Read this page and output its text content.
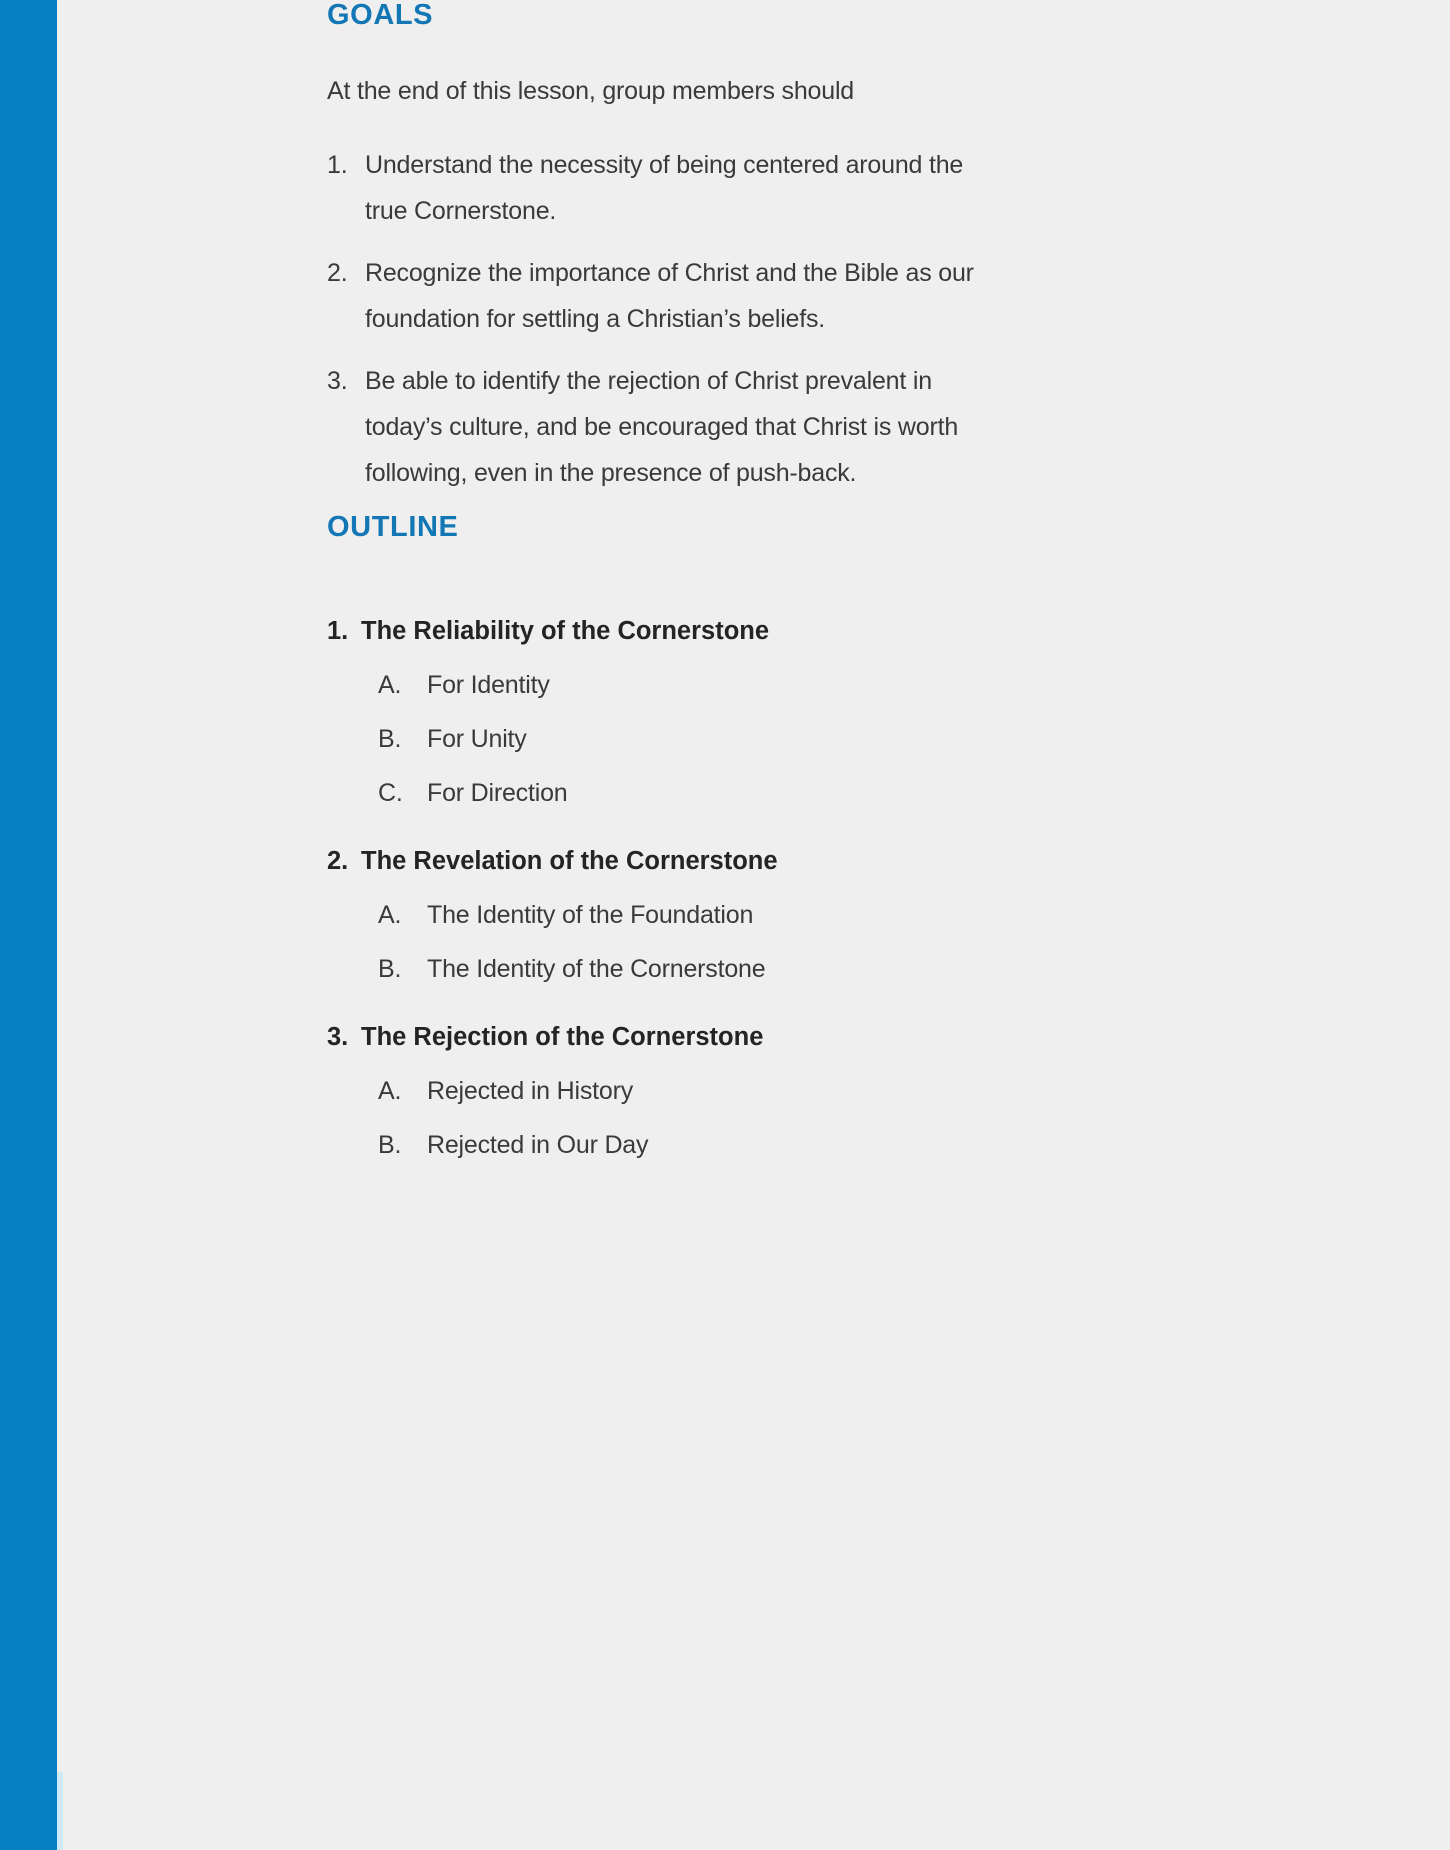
GOALS

At the end of this lesson, group members should

1. Understand the necessity of being centered around the true Cornerstone.
2. Recognize the importance of Christ and the Bible as our foundation for settling a Christian’s beliefs.
3. Be able to identify the rejection of Christ prevalent in today’s culture, and be encouraged that Christ is worth following, even in the presence of push-back.
OUTLINE
1. The Reliability of the Cornerstone
A.	For Identity
B.	For Unity
C. For Direction
2. The Revelation of the Cornerstone
A.	The Identity of the Foundation
B.	The Identity of the Cornerstone
3. The Rejection of the Cornerstone
A.	Rejected in History
B.	Rejected in Our Day
